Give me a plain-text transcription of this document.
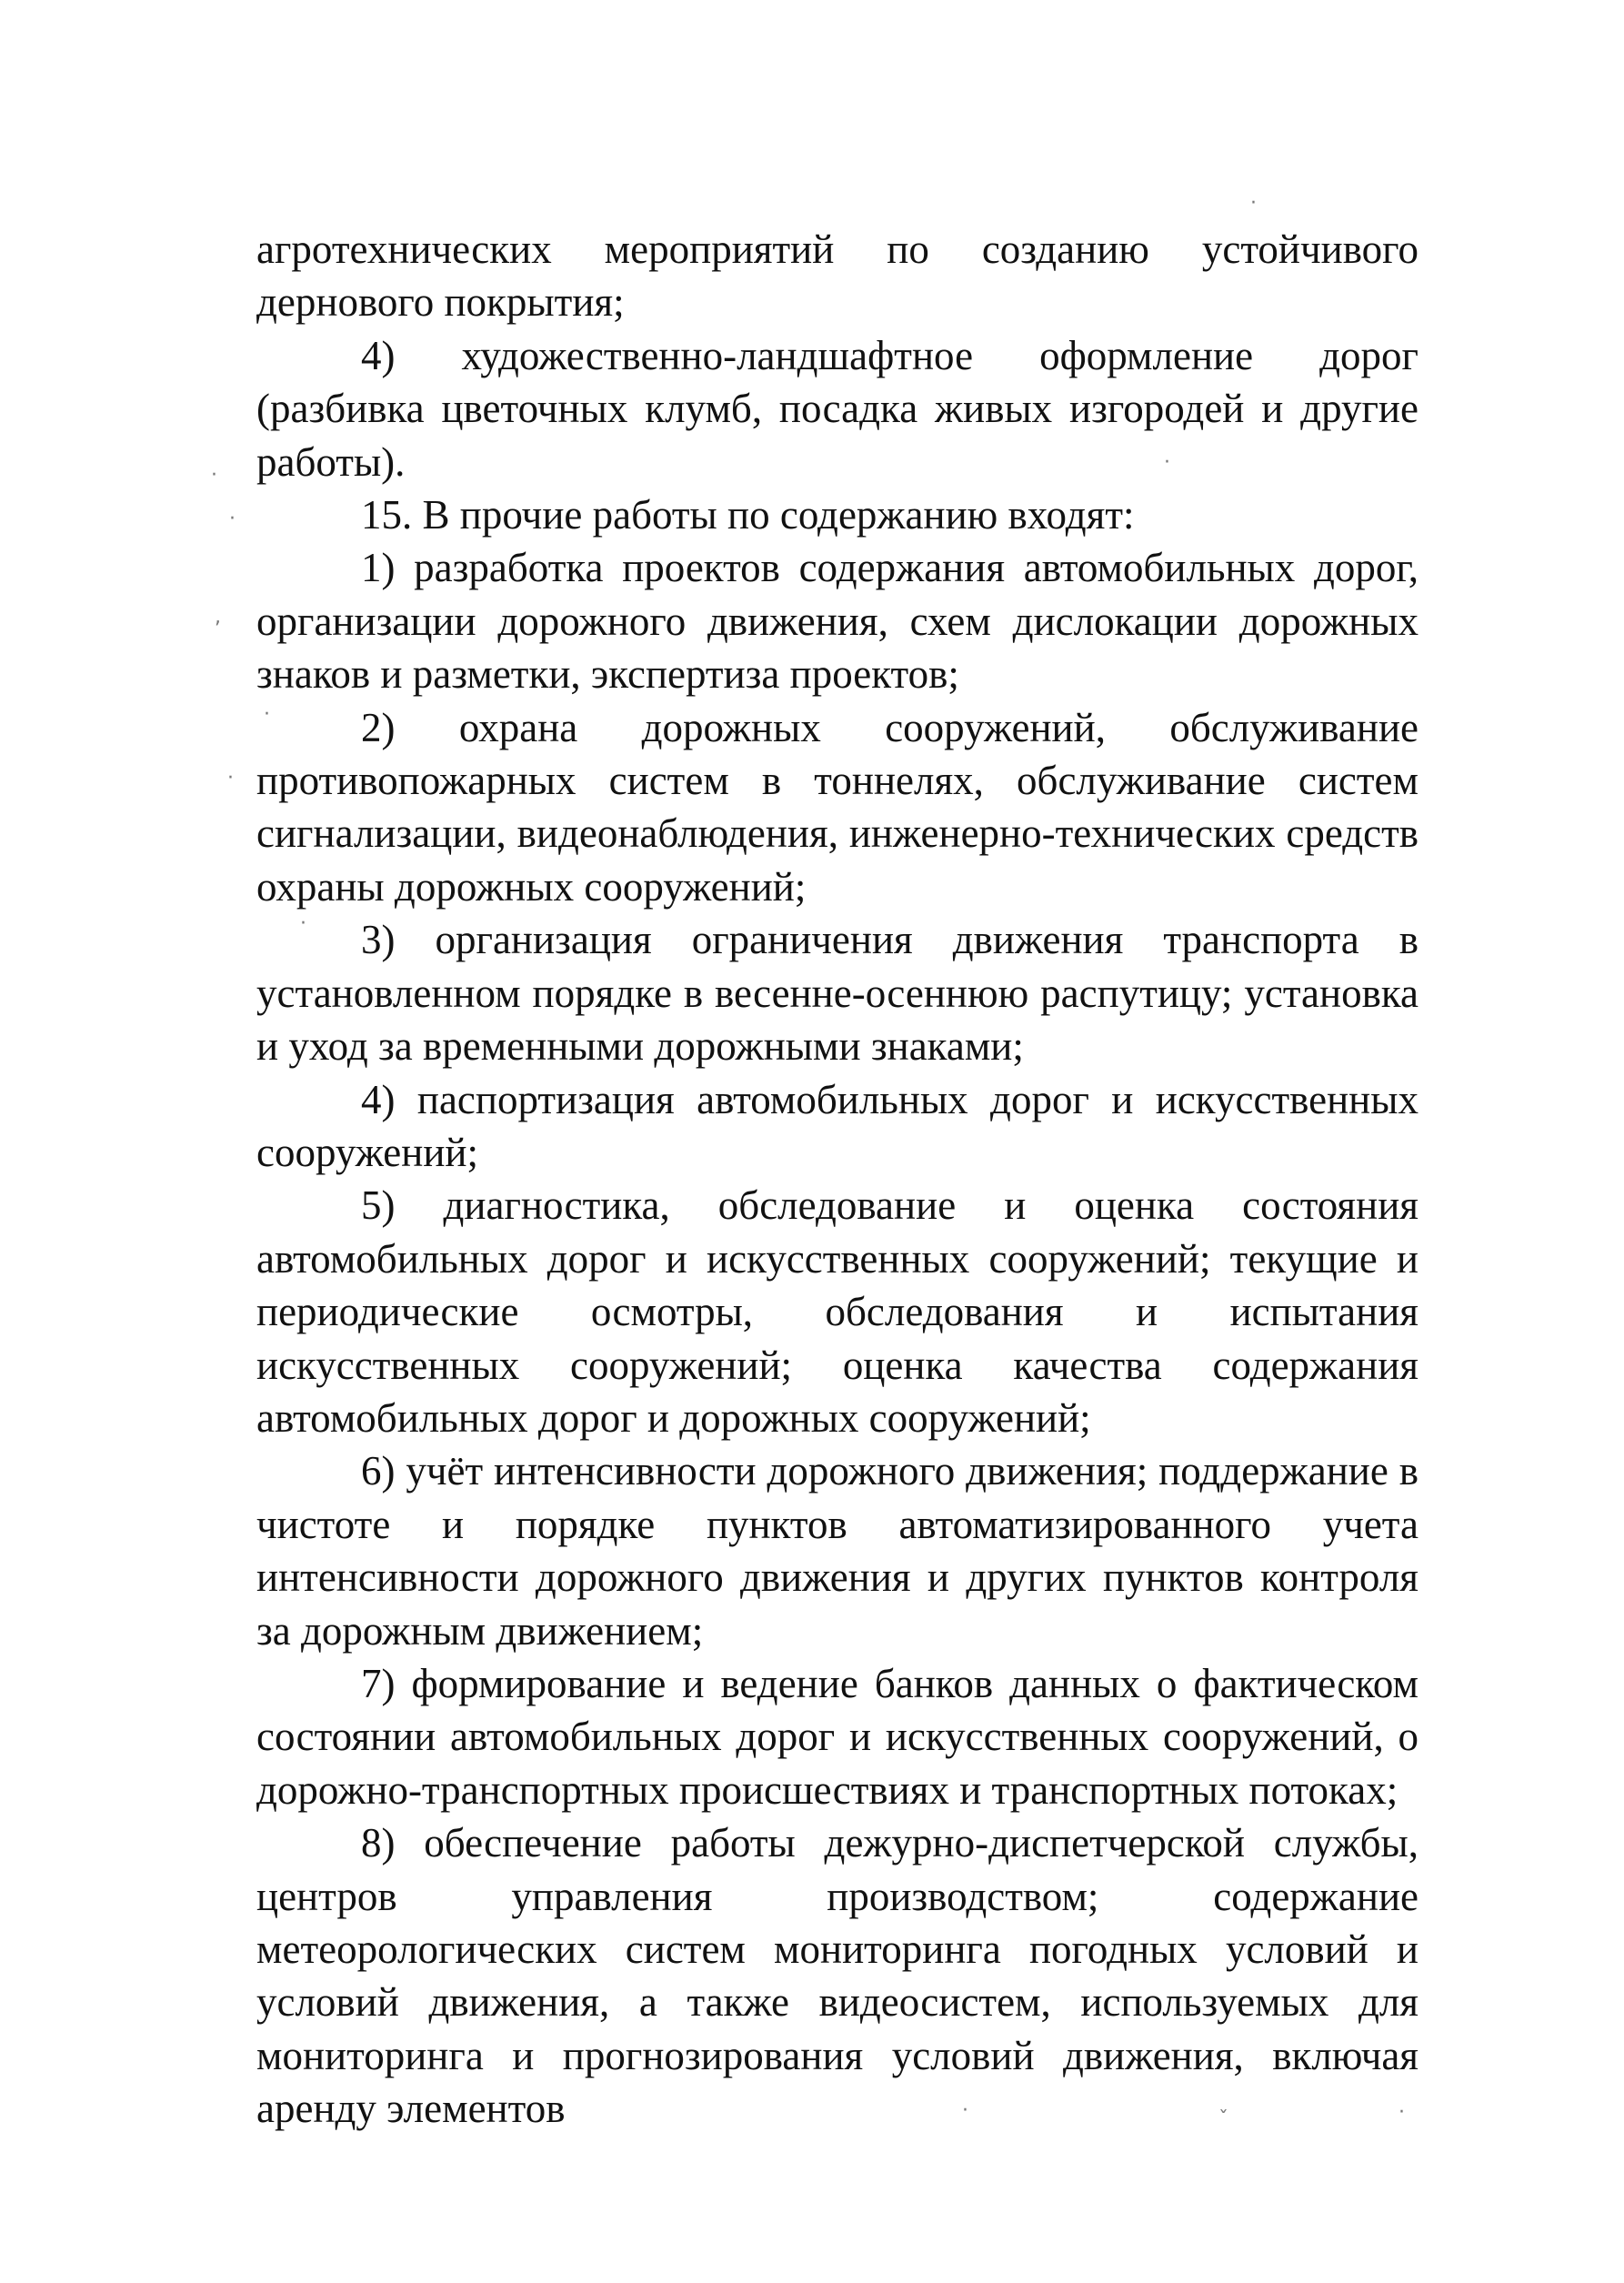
агротехнических мероприятий по созданию устойчивого дернового покрытия;

4) художественно-ландшафтное оформление дорог (разбивка цветочных клумб, посадка живых изгородей и другие работы).

15. В прочие работы по содержанию входят:

1) разработка проектов содержания автомобильных дорог, организации дорожного движения, схем дислокации дорожных знаков и разметки, экспертиза проектов;

2) охрана дорожных сооружений, обслуживание противопожарных систем в тоннелях, обслуживание систем сигнализации, видеонаблюдения, инженерно-технических средств охраны дорожных сооружений;

3) организация ограничения движения транспорта в установленном порядке в весенне-осеннюю распутицу; установка и уход за временными дорожными знаками;

4) паспортизация автомобильных дорог и искусственных сооружений;

5) диагностика, обследование и оценка состояния автомобильных дорог и искусственных сооружений; текущие и периодические осмотры, обследования и испытания искусственных сооружений; оценка качества содержания автомобильных дорог и дорожных сооружений;

6) учёт интенсивности дорожного движения; поддержание в чистоте и порядке пунктов автоматизированного учета интенсивности дорожного движения и других пунктов контроля за дорожным движением;

7) формирование и ведение банков данных о фактическом состоянии автомобильных дорог и искусственных сооружений, о дорожно-транспортных происшествиях и транспортных потоках;

8) обеспечение работы дежурно-диспетчерской службы, центров управления производством; содержание метеорологических систем мониторинга погодных условий и условий движения, а также видеосистем, используемых для мониторинга и прогнозирования условий движения, включая аренду элементов

·
·
,
·
·
·
·
·
·	ˇ	·
